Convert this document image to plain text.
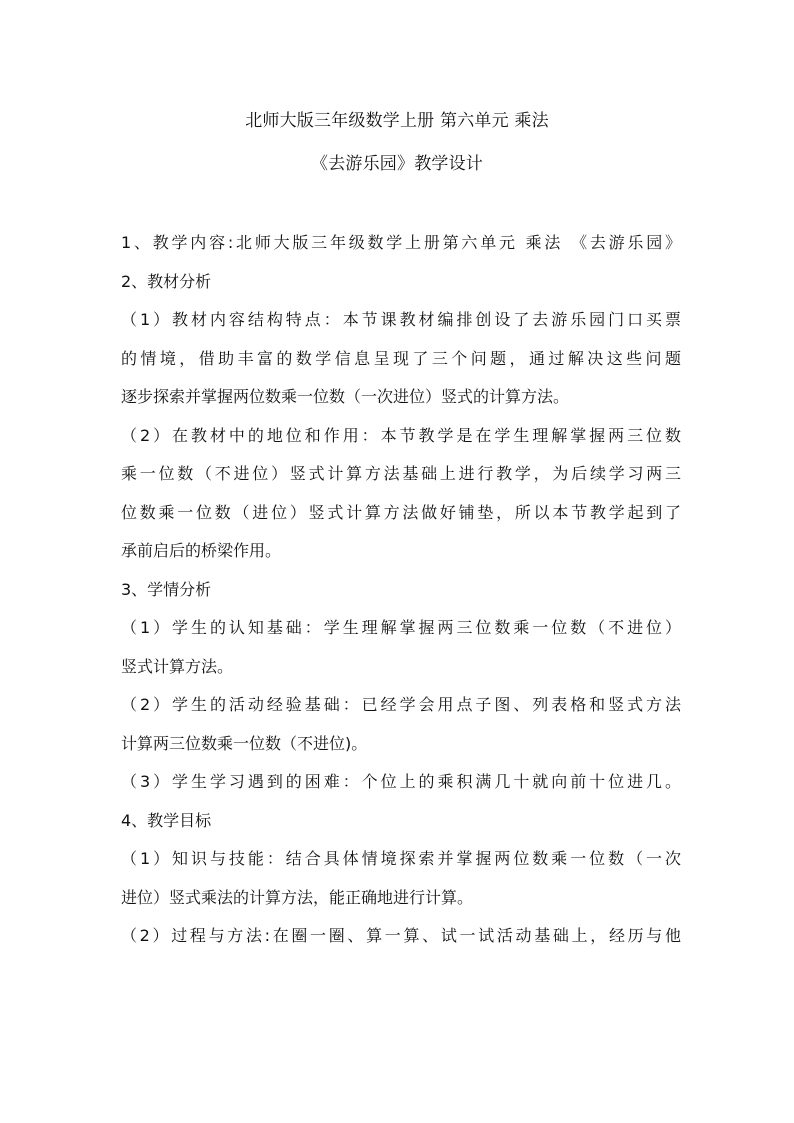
北师大版三年级数学上册 第六单元 乘法
《去游乐园》教学设计
1、教学内容:北师大版三年级数学上册第六单元 乘法 《去游乐园》
2、教材分析
（1）教材内容结构特点：本节课教材编排创设了去游乐园门口买票
的情境，借助丰富的数学信息呈现了三个问题，通过解决这些问题
逐步探索并掌握两位数乘一位数（一次进位）竖式的计算方法。
（2）在教材中的地位和作用：本节教学是在学生理解掌握两三位数
乘一位数（不进位）竖式计算方法基础上进行教学，为后续学习两三
位数乘一位数（进位）竖式计算方法做好铺垫，所以本节教学起到了
承前启后的桥梁作用。
3、学情分析
（1）学生的认知基础：学生理解掌握两三位数乘一位数（不进位）
竖式计算方法。
（2）学生的活动经验基础：已经学会用点子图、列表格和竖式方法
计算两三位数乘一位数（不进位)。
（3）学生学习遇到的困难：个位上的乘积满几十就向前十位进几。
4、教学目标
（1）知识与技能：结合具体情境探索并掌握两位数乘一位数（一次
进位）竖式乘法的计算方法，能正确地进行计算。
（2）过程与方法:在圈一圈、算一算、试一试活动基础上，经历与他
